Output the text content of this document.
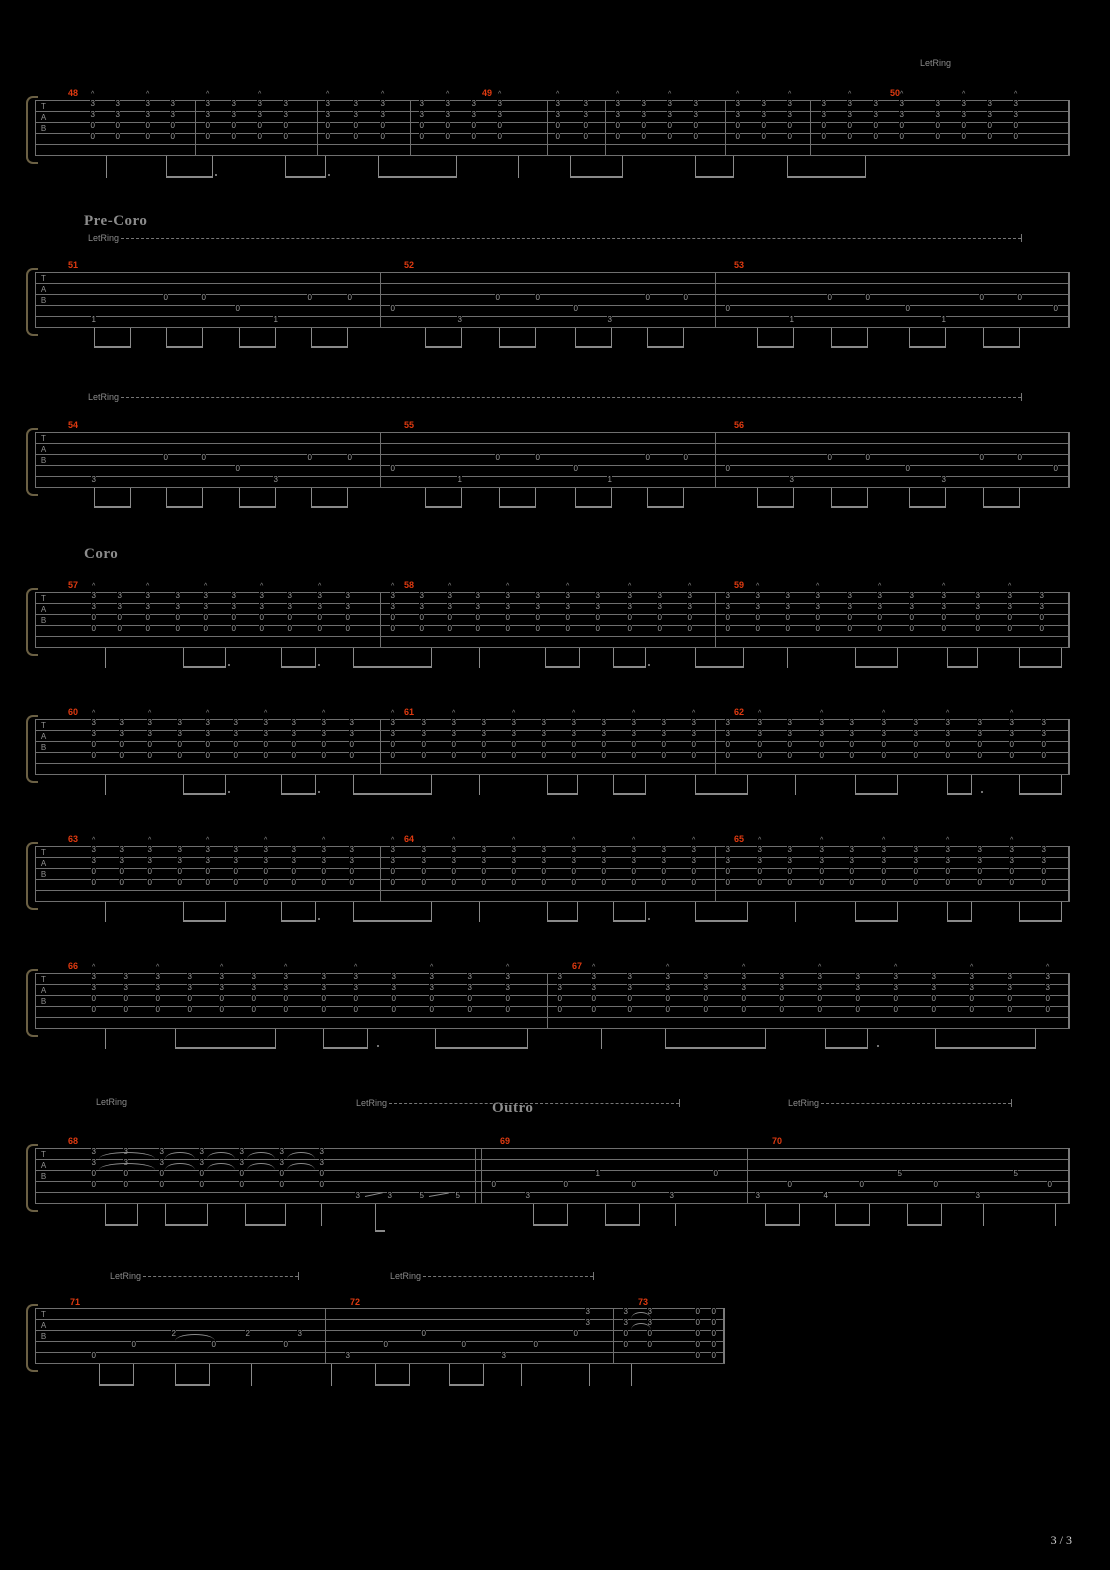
Pre-Coro
Coro
Outro
LetRing
LetRing
LetRing
LetRing	LetRing	LetRing
LetRing	LetRing
48	49	50
T
A
B
3
3
0
0
3
3
0
0
3
3
0
0
3
3
0
0
3
3
0
0
3
3
0
0
3
3
0
0
3
3
0
0
3
3
0
0
3
3
0
0
3
3
0
0
3
3
0
0
3
3
0
0
3
3
0
0
3
3
0
0
3
3
0
0
3
3
0
0
3
3
0
0
3
3
0
0
3
3
0
0
3
3
0
0
3
3
0
0
3
3
0
0
3
3
0
0
3
3
0
0
3
3
0
0
3
3
0
0
3
3
0
0
3
3
0
0
3
3
0
0
3
3
0
0
3
3
0
0
^	^	^	^	^	^	^	^	^	^	^	^	^	^	^	^	^
51	52	53
T
A
B
1
0	0
0
1
0	0
0
3
0	0
0
3
0	0
0
1
0	0
0
1
0	0
0
54	55	56
T
A
B
3
0	0
0
3
0	0
0
1
0	0
0
1
0	0
0
3
0	0
0
3
0	0
0
57	58	59
T
A
B
3
3
0
0
3
3
0
0
3
3
0
0
3
3
0
0
3
3
0
0
3
3
0
0
3
3
0
0
3
3
0
0
3
3
0
0
3
3
0
0
3
3
0
0
3
3
0
0
3
3
0
0
3
3
0
0
3
3
0
0
3
3
0
0
3
3
0
0
3
3
0
0
3
3
0
0
3
3
0
0
3
3
0
0
3
3
0
0
3
3
0
0
3
3
0
0
3
3
0
0
3
3
0
0
3
3
0
0
3
3
0
0
3
3
0
0
3
3
0
0
3
3
0
0
3
3
0
0
^	^	^	^	^	^	^	^	^	^	^	^	^	^	^	^
60	61	62
T
A
B
3
3
0
0
3
3
0
0
3
3
0
0
3
3
0
0
3
3
0
0
3
3
0
0
3
3
0
0
3
3
0
0
3
3
0
0
3
3
0
0
3
3
0
0
3
3
0
0
3
3
0
0
3
3
0
0
3
3
0
0
3
3
0
0
3
3
0
0
3
3
0
0
3
3
0
0
3
3
0
0
3
3
0
0
3
3
0
0
3
3
0
0
3
3
0
0
3
3
0
0
3
3
0
0
3
3
0
0
3
3
0
0
3
3
0
0
3
3
0
0
3
3
0
0
3
3
0
0
^	^	^	^	^	^	^	^	^	^	^	^	^	^	^	^
63	64	65
T
A
B
3
3
0
0
3
3
0
0
3
3
0
0
3
3
0
0
3
3
0
0
3
3
0
0
3
3
0
0
3
3
0
0
3
3
0
0
3
3
0
0
3
3
0
0
3
3
0
0
3
3
0
0
3
3
0
0
3
3
0
0
3
3
0
0
3
3
0
0
3
3
0
0
3
3
0
0
3
3
0
0
3
3
0
0
3
3
0
0
3
3
0
0
3
3
0
0
3
3
0
0
3
3
0
0
3
3
0
0
3
3
0
0
3
3
0
0
3
3
0
0
3
3
0
0
3
3
0
0
^	^	^	^	^	^	^	^	^	^	^	^	^	^	^	^
66	67
T
A
B
3
3
0
0
3
3
0
0
3
3
0
0
3
3
0
0
3
3
0
0
3
3
0
0
3
3
0
0
3
3
0
0
3
3
0
0
3
3
0
0
3
3
0
0
3
3
0
0
3
3
0
0
3
3
0
0
3
3
0
0
3
3
0
0
3
3
0
0
3
3
0
0
3
3
0
0
3
3
0
0
3
3
0
0
3
3
0
0
3
3
0
0
3
3
0
0
3
3
0
0
3
3
0
0
3
3
0
0
^	^	^	^	^	^	^	^	^	^	^	^	^	^
68	69	70
T
A
B
3
3
0
0
3
3
0
0
3
3
0
0
3
3
0
0
3
3
0
0
3
3
0
0
3
3
0
0
3	3	5	5
0
3
0
1
0
3
0
3
0
4
0
5
0
3
5
0
71	72	73
T
A
B
0
0
2
0
2
0
3
3
0
0
0
3
0
0
3
3
3
3
0
0
3
3
0
0
0
0
0
0
0
0
0
0
0
0
3 / 3
